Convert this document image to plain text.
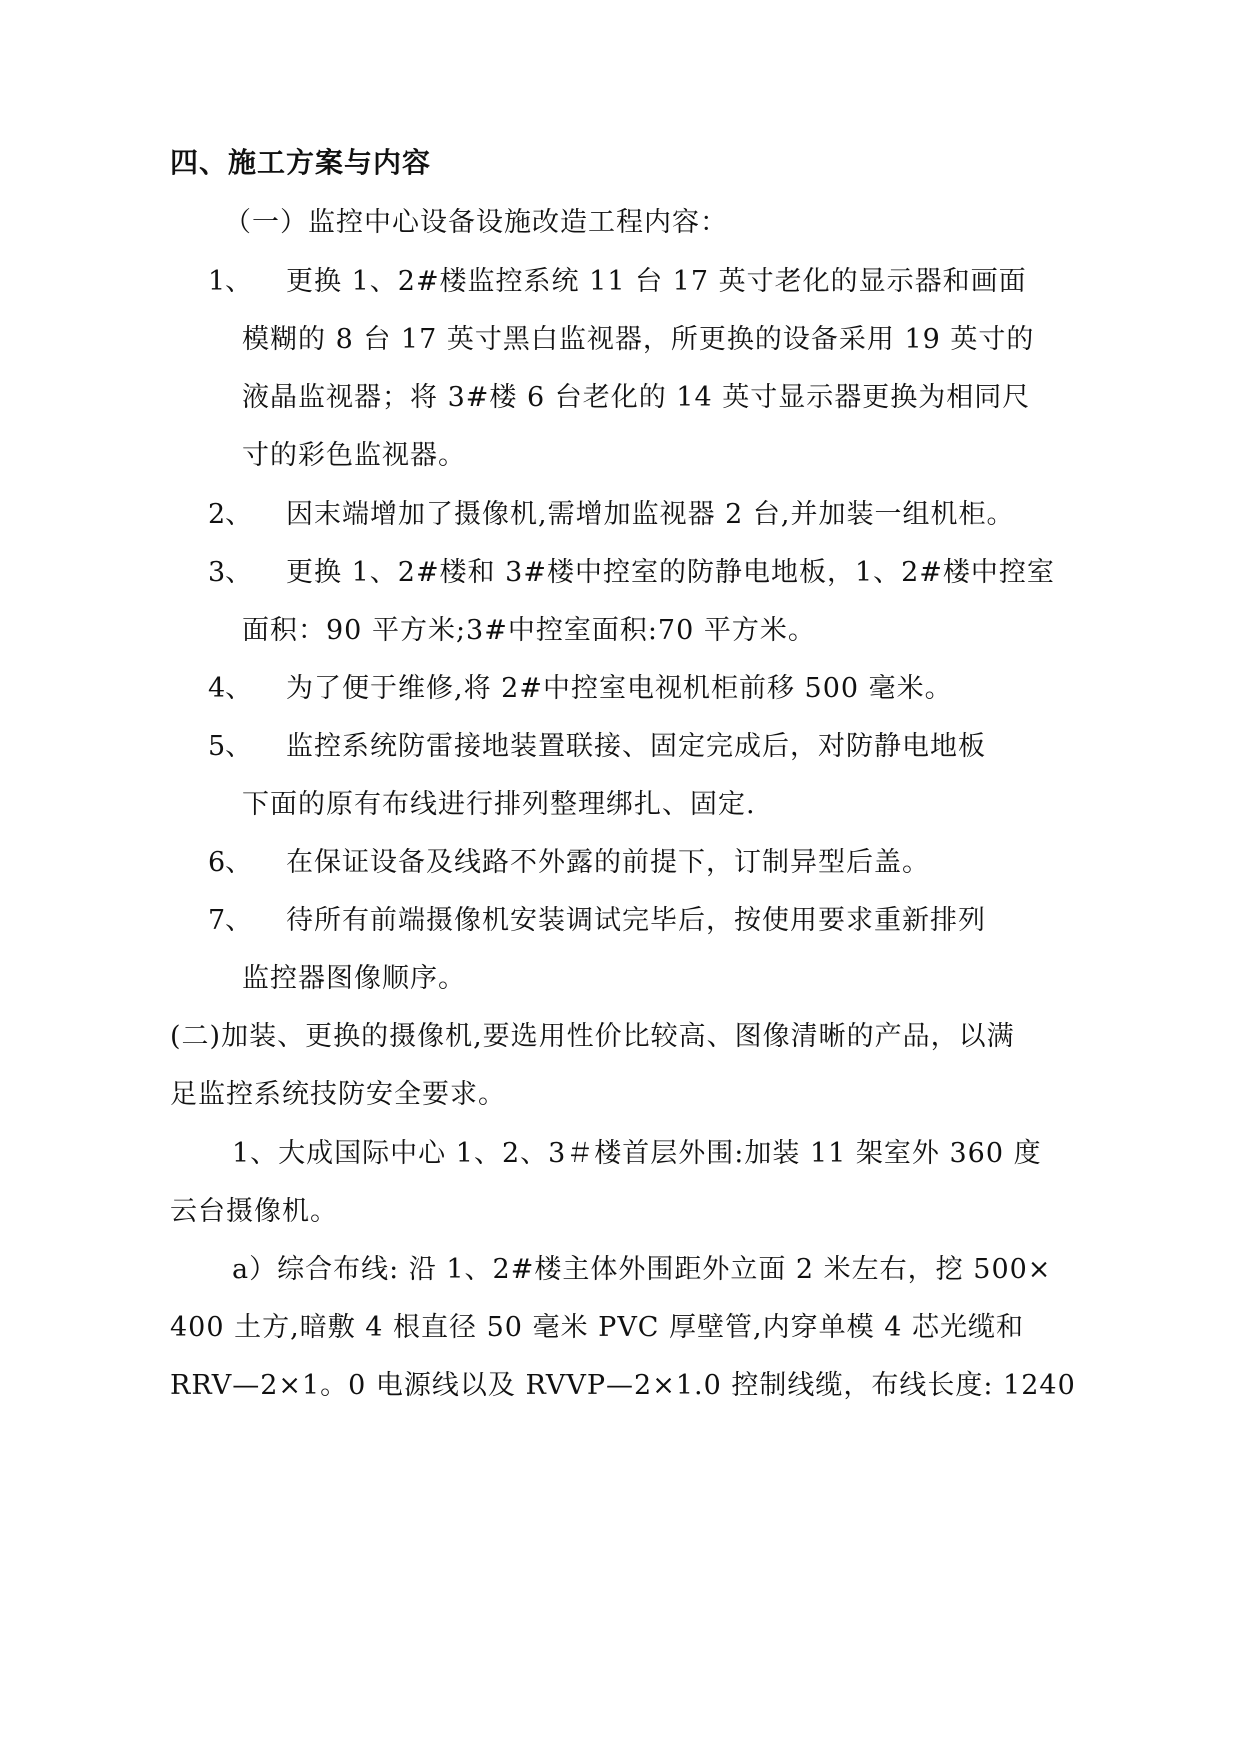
四、施工方案与内容
（一）监控中心设备设施改造工程内容：
1、 更换 1、2#楼监控系统 11 台 17 英寸老化的显示器和画面
模糊的 8 台 17 英寸黑白监视器，所更换的设备采用 19 英寸的
液晶监视器；将 3#楼 6 台老化的 14 英寸显示器更换为相同尺
寸的彩色监视器。
2、 因末端增加了摄像机,需增加监视器 2 台,并加装一组机柜。
3、 更换 1、2#楼和 3#楼中控室的防静电地板，1、2#楼中控室
面积：90 平方米;3#中控室面积:70 平方米。
4、 为了便于维修,将 2#中控室电视机柜前移 500 毫米。
5、 监控系统防雷接地装置联接、固定完成后，对防静电地板
下面的原有布线进行排列整理绑扎、固定.
6、 在保证设备及线路不外露的前提下，订制异型后盖。
7、 待所有前端摄像机安装调试完毕后，按使用要求重新排列
监控器图像顺序。
(二)加装、更换的摄像机,要选用性价比较高、图像清晰的产品，以满
足监控系统技防安全要求。
1、大成国际中心 1、2、3＃楼首层外围:加装 11 架室外 360 度
云台摄像机。
a）综合布线: 沿 1、2#楼主体外围距外立面 2 米左右，挖 500×
400 土方,暗敷 4 根直径 50 毫米 PVC 厚壁管,内穿单模 4 芯光缆和
RRV—2×1。0 电源线以及 RVVP—2×1.0 控制线缆，布线长度: 1240
